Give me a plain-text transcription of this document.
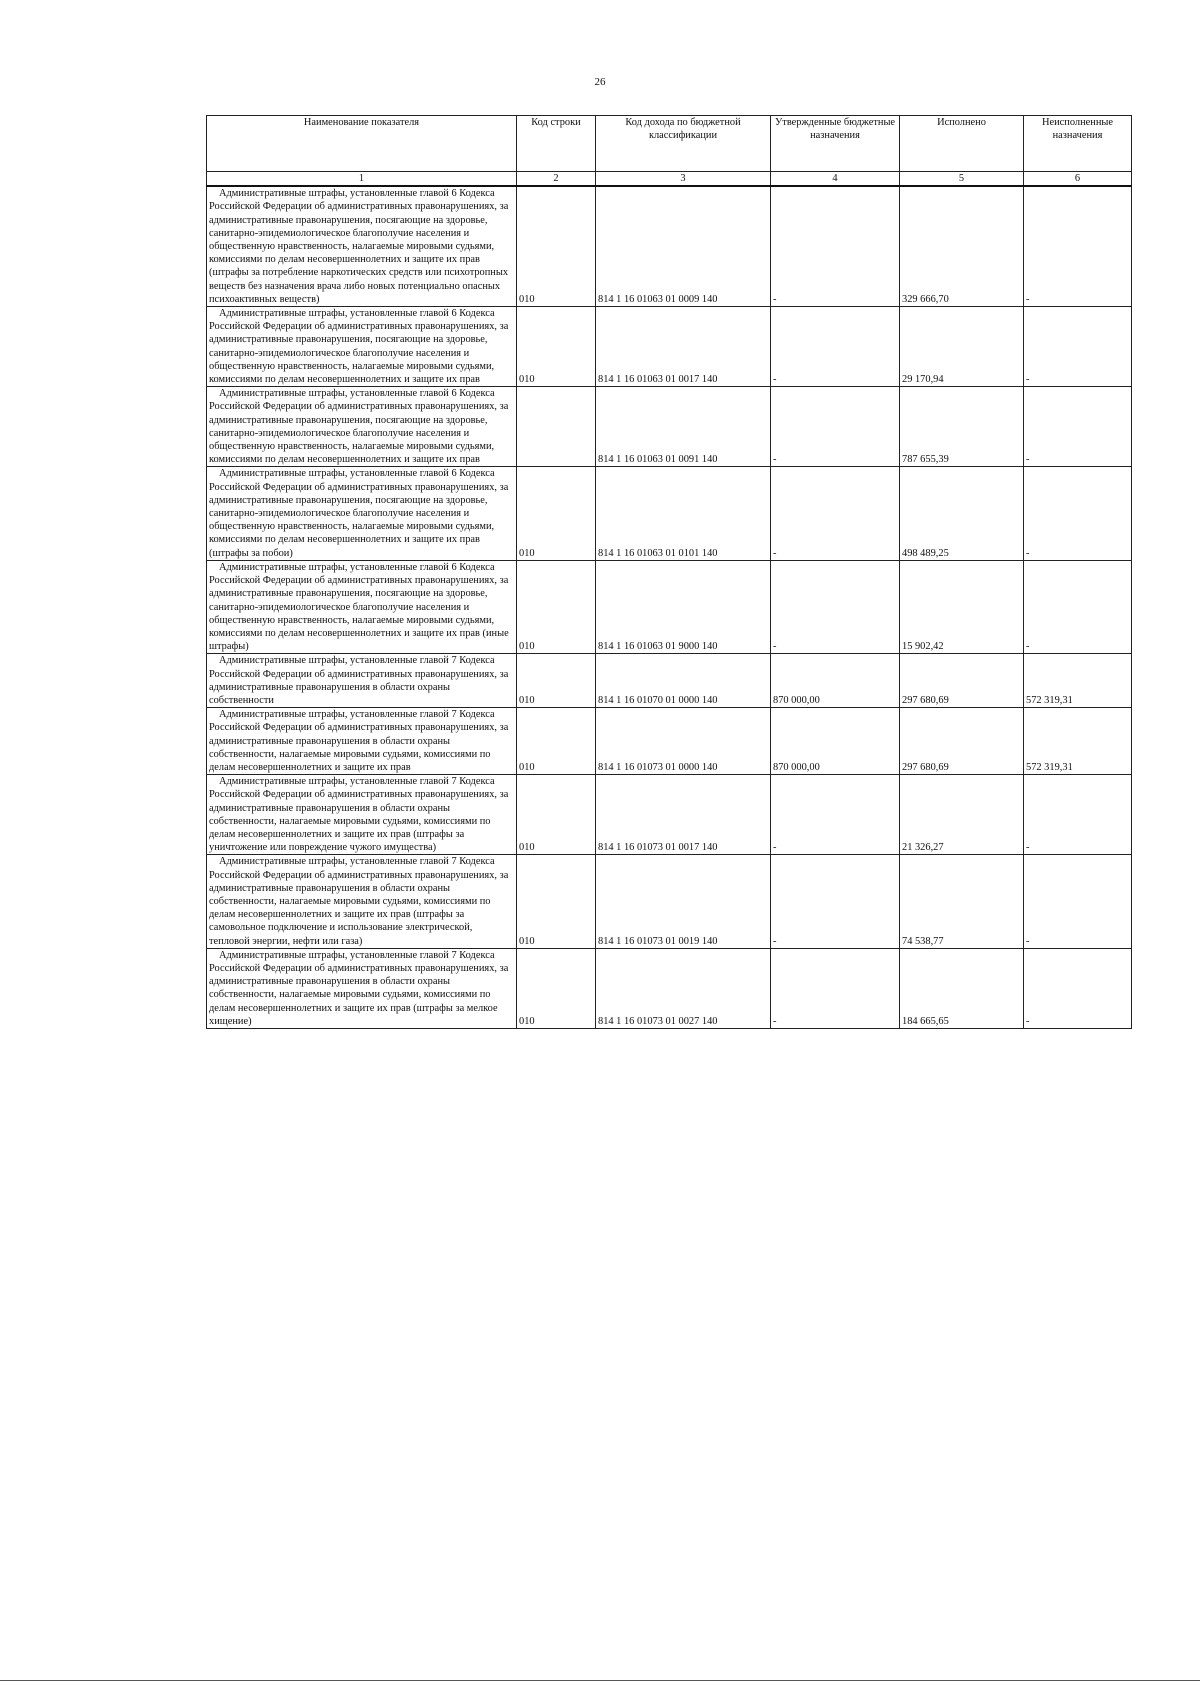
26
Наименование показателя	Код строки	Код дохода по бюджетной классификации	Утвержденные бюджетные назначения	Исполнено	Неисполненные назначения
1	2	3	4	5	6

Административные штрафы, установленные главой 6 Кодекса Российской Федерации об административных правонарушениях, за административные правонарушения, посягающие на здоровье, санитарно-эпидемиологическое благополучие населения и общественную нравственность, налагаемые мировыми судьями, комиссиями по делам несовершеннолетних и защите их прав (штрафы за потребление наркотических средств или психотропных веществ без назначения врача либо новых потенциально опасных психоактивных веществ)	010	814 1 16 01063 01 0009 140	-	329 666,70	-

Административные штрафы, установленные главой 6 Кодекса Российской Федерации об административных правонарушениях, за административные правонарушения, посягающие на здоровье, санитарно-эпидемиологическое благополучие населения и общественную нравственность, налагаемые мировыми судьями, комиссиями по делам несовершеннолетних и защите их прав	010	814 1 16 01063 01 0017 140	-	29 170,94	-

Административные штрафы, установленные главой 6 Кодекса Российской Федерации об административных правонарушениях, за административные правонарушения, посягающие на здоровье, санитарно-эпидемиологическое благополучие населения и общественную нравственность, налагаемые мировыми судьями, комиссиями по делам несовершеннолетних и защите их прав		814 1 16 01063 01 0091 140	-	787 655,39	-

Административные штрафы, установленные главой 6 Кодекса Российской Федерации об административных правонарушениях, за административные правонарушения, посягающие на здоровье, санитарно-эпидемиологическое благополучие населения и общественную нравственность, налагаемые мировыми судьями, комиссиями по делам несовершеннолетних и защите их прав (штрафы за побои)	010	814 1 16 01063 01 0101 140	-	498 489,25	-

Административные штрафы, установленные главой 6 Кодекса Российской Федерации об административных правонарушениях, за административные правонарушения, посягающие на здоровье, санитарно-эпидемиологическое благополучие населения и общественную нравственность, налагаемые мировыми судьями, комиссиями по делам несовершеннолетних и защите их прав (иные штрафы)	010	814 1 16 01063 01 9000 140	-	15 902,42	-

Административные штрафы, установленные главой 7 Кодекса Российской Федерации об административных правонарушениях, за административные правонарушения в области охраны собственности	010	814 1 16 01070 01 0000 140	870 000,00	297 680,69	572 319,31

Административные штрафы, установленные главой 7 Кодекса Российской Федерации об административных правонарушениях, за административные правонарушения в области охраны собственности, налагаемые мировыми судьями, комиссиями по делам несовершеннолетних и защите их прав	010	814 1 16 01073 01 0000 140	870 000,00	297 680,69	572 319,31

Административные штрафы, установленные главой 7 Кодекса Российской Федерации об административных правонарушениях, за административные правонарушения в области охраны собственности, налагаемые мировыми судьями, комиссиями по делам несовершеннолетних и защите их прав (штрафы за уничтожение или повреждение чужого имущества)	010	814 1 16 01073 01 0017 140	-	21 326,27	-

Административные штрафы, установленные главой 7 Кодекса Российской Федерации об административных правонарушениях, за административные правонарушения в области охраны собственности, налагаемые мировыми судьями, комиссиями по делам несовершеннолетних и защите их прав (штрафы за самовольное подключение и использование электрической, тепловой энергии, нефти или газа)	010	814 1 16 01073 01 0019 140	-	74 538,77	-

Административные штрафы, установленные главой 7 Кодекса Российской Федерации об административных правонарушениях, за административные правонарушения в области охраны собственности, налагаемые мировыми судьями, комиссиями по делам несовершеннолетних и защите их прав (штрафы за мелкое хищение)	010	814 1 16 01073 01 0027 140	-	184 665,65	-
